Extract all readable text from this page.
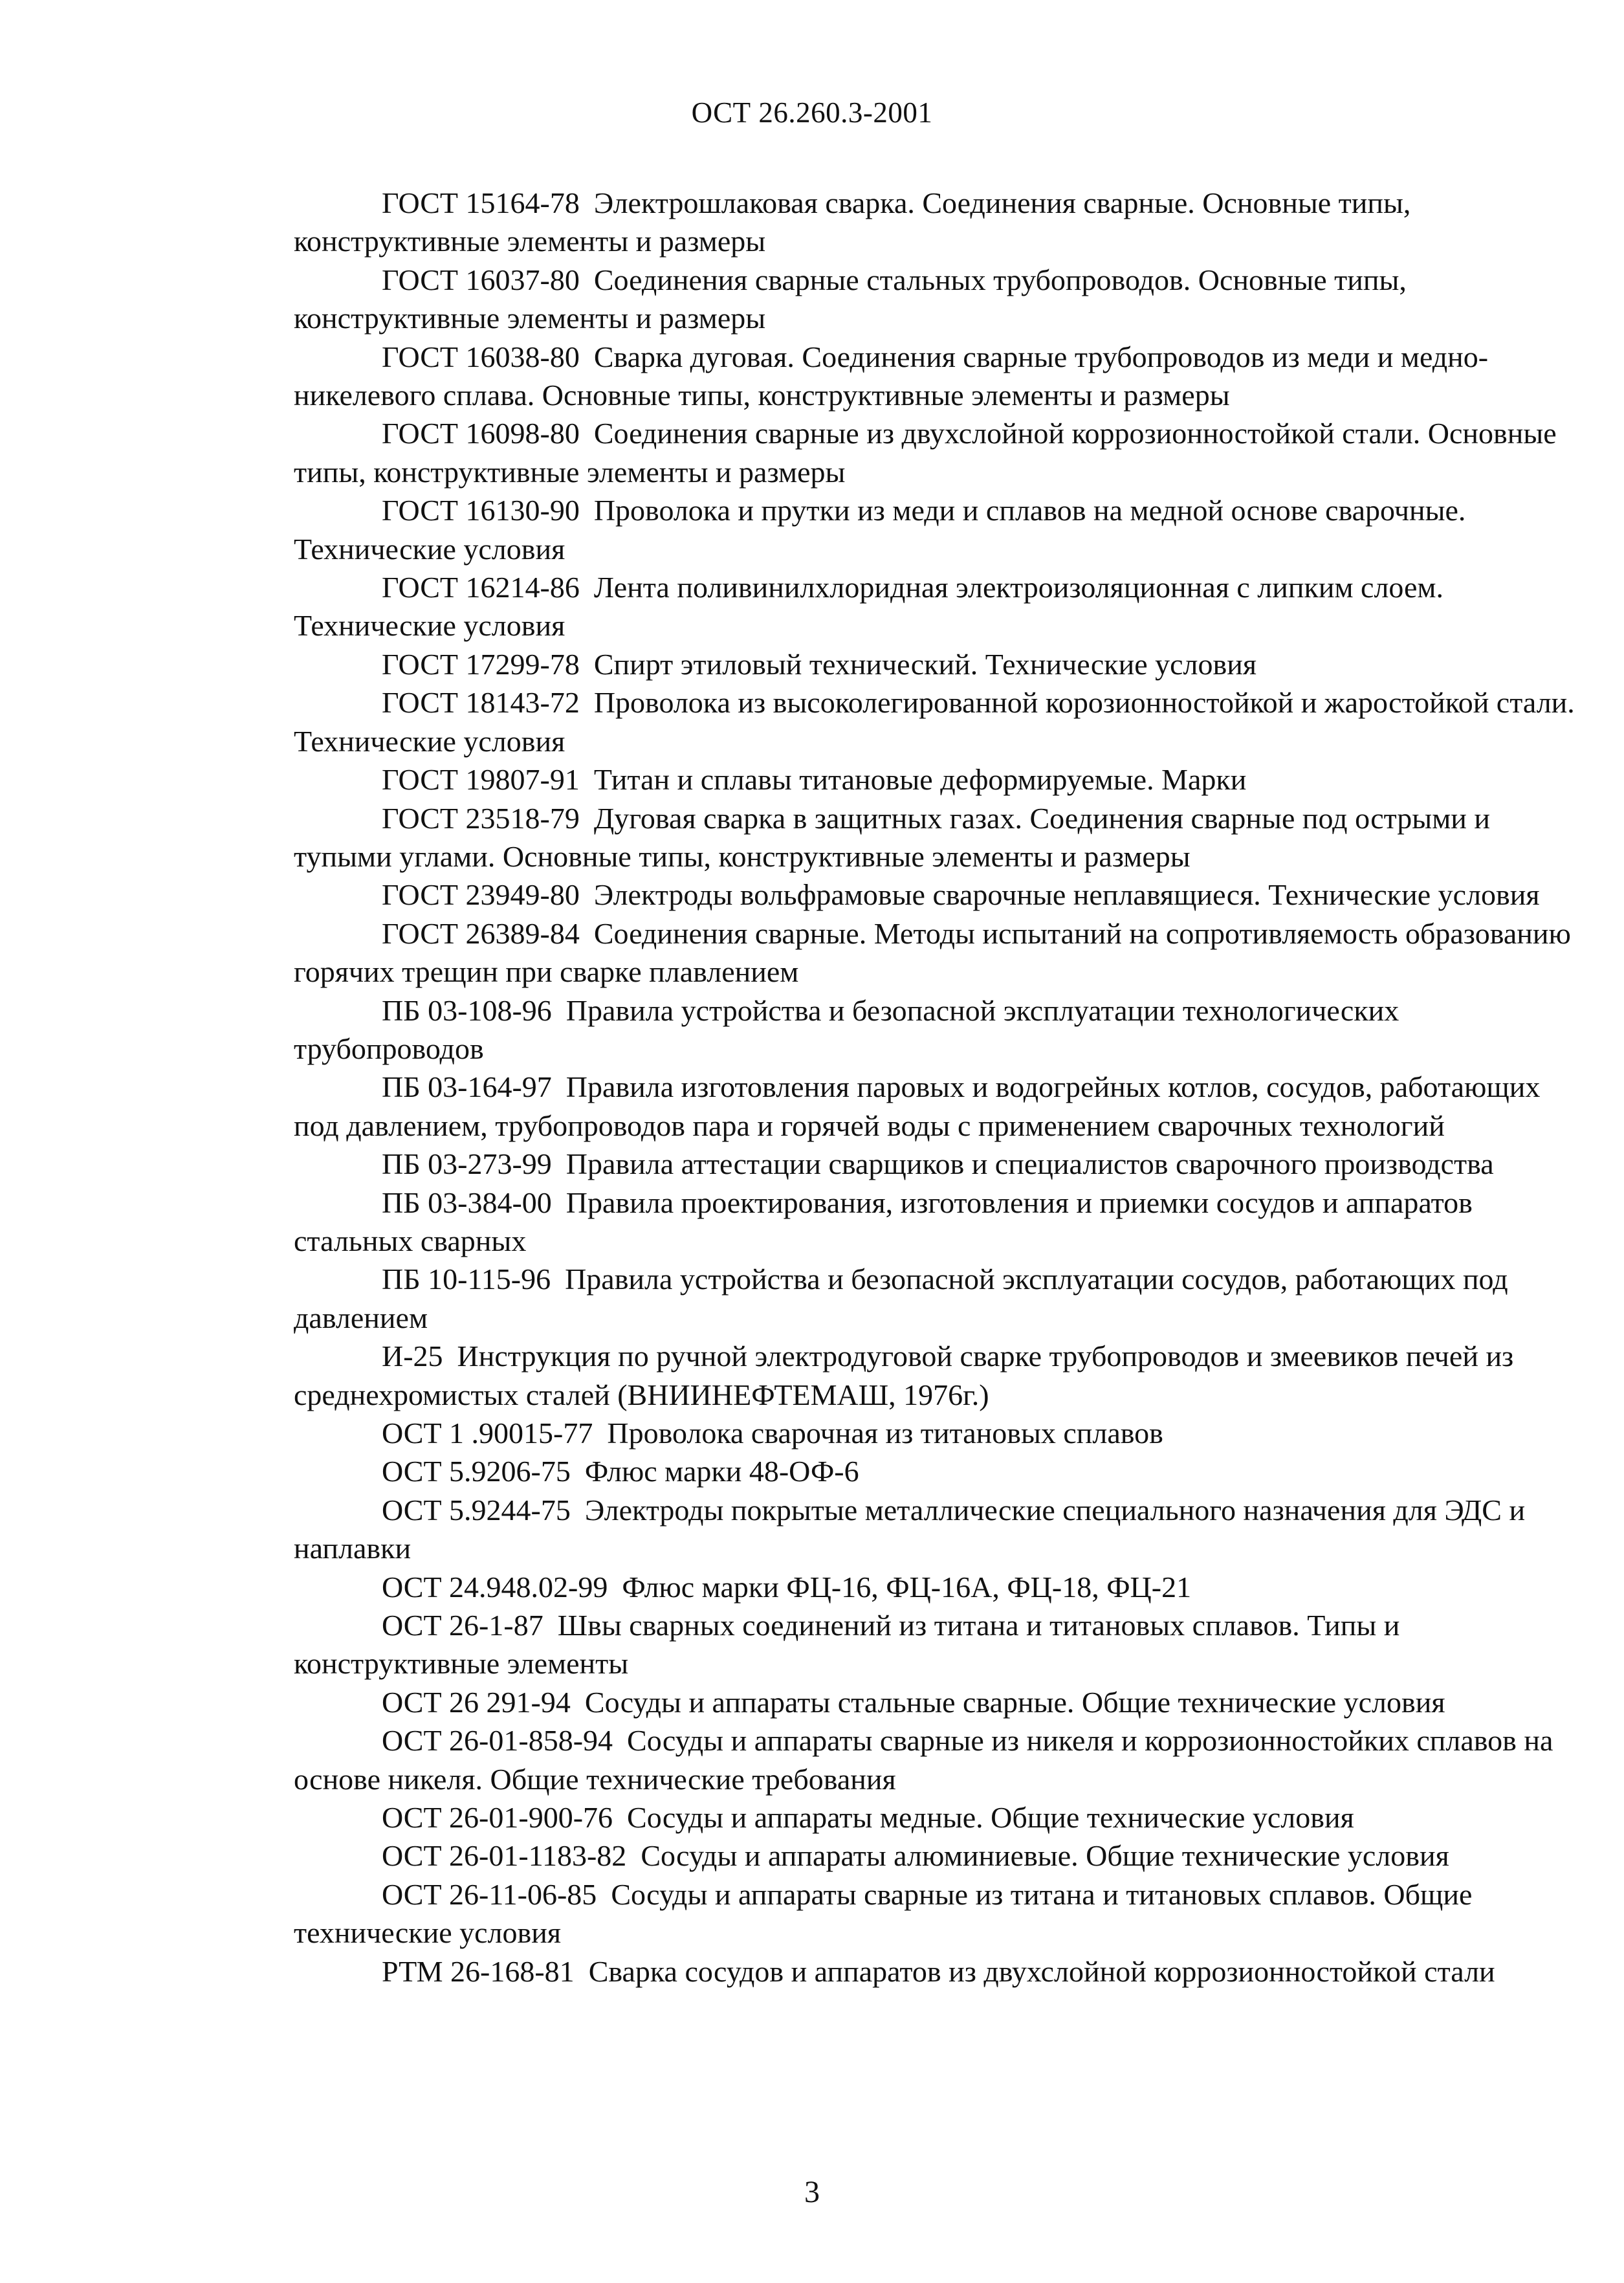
ОСТ 26.260.3-2001

ГОСТ 15164-78 Электрошлаковая сварка. Соединения сварные. Основные типы, конструктивные элементы и размеры

ГОСТ 16037-80 Соединения сварные стальных трубопроводов. Основные типы, конструктивные элементы и размеры

ГОСТ 16038-80 Сварка дуговая. Соединения сварные трубопроводов из меди и медно-никелевого сплава. Основные типы, конструктивные элементы и размеры

ГОСТ 16098-80 Соединения сварные из двухслойной коррозионностойкой стали. Основные типы, конструктивные элементы и размеры

ГОСТ 16130-90 Проволока и прутки из меди и сплавов на медной основе сварочные. Технические условия

ГОСТ 16214-86 Лента поливинилхлоридная электроизоляционная с липким слоем. Технические условия

ГОСТ 17299-78 Спирт этиловый технический. Технические условия

ГОСТ 18143-72 Проволока из высоколегированной корозионностойкой и жаростойкой стали. Технические условия

ГОСТ 19807-91 Титан и сплавы титановые деформируемые. Марки

ГОСТ 23518-79 Дуговая сварка в защитных газах. Соединения сварные под острыми и тупыми углами. Основные типы, конструктивные элементы и размеры

ГОСТ 23949-80 Электроды вольфрамовые сварочные неплавящиеся. Технические условия

ГОСТ 26389-84 Соединения сварные. Методы испытаний на сопротивляемость образованию горячих трещин при сварке плавлением

ПБ 03-108-96 Правила устройства и безопасной эксплуатации технологических трубопроводов

ПБ 03-164-97 Правила изготовления паровых и водогрейных котлов, сосудов, работающих под давлением, трубопроводов пара и горячей воды с применением сварочных технологий

ПБ 03-273-99 Правила аттестации сварщиков и специалистов сварочного производства

ПБ 03-384-00 Правила проектирования, изготовления и приемки сосудов и аппаратов стальных сварных

ПБ 10-115-96 Правила устройства и безопасной эксплуатации сосудов, работающих под давлением

И-25 Инструкция по ручной электродуговой сварке трубопроводов и змеевиков печей из среднехромистых сталей (ВНИИНЕФТЕМАШ, 1976г.)

ОСТ 1 .90015-77 Проволока сварочная из титановых сплавов

ОСТ 5.9206-75 Флюс марки 48-ОФ-6

ОСТ 5.9244-75 Электроды покрытые металлические специального назначения для ЭДС и наплавки

ОСТ 24.948.02-99 Флюс марки ФЦ-16, ФЦ-16А, ФЦ-18, ФЦ-21

ОСТ 26-1-87 Швы сварных соединений из титана и титановых сплавов. Типы и конструктивные элементы

ОСТ 26 291-94 Сосуды и аппараты стальные сварные. Общие технические условия

ОСТ 26-01-858-94 Сосуды и аппараты сварные из никеля и коррозионностойких сплавов на основе никеля. Общие технические требования

ОСТ 26-01-900-76 Сосуды и аппараты медные. Общие технические условия

ОСТ 26-01-1183-82 Сосуды и аппараты алюминиевые. Общие технические условия

ОСТ 26-11-06-85 Сосуды и аппараты сварные из титана и титановых сплавов. Общие технические условия

РТМ 26-168-81 Сварка сосудов и аппаратов из двухслойной коррозионностойкой стали

3
